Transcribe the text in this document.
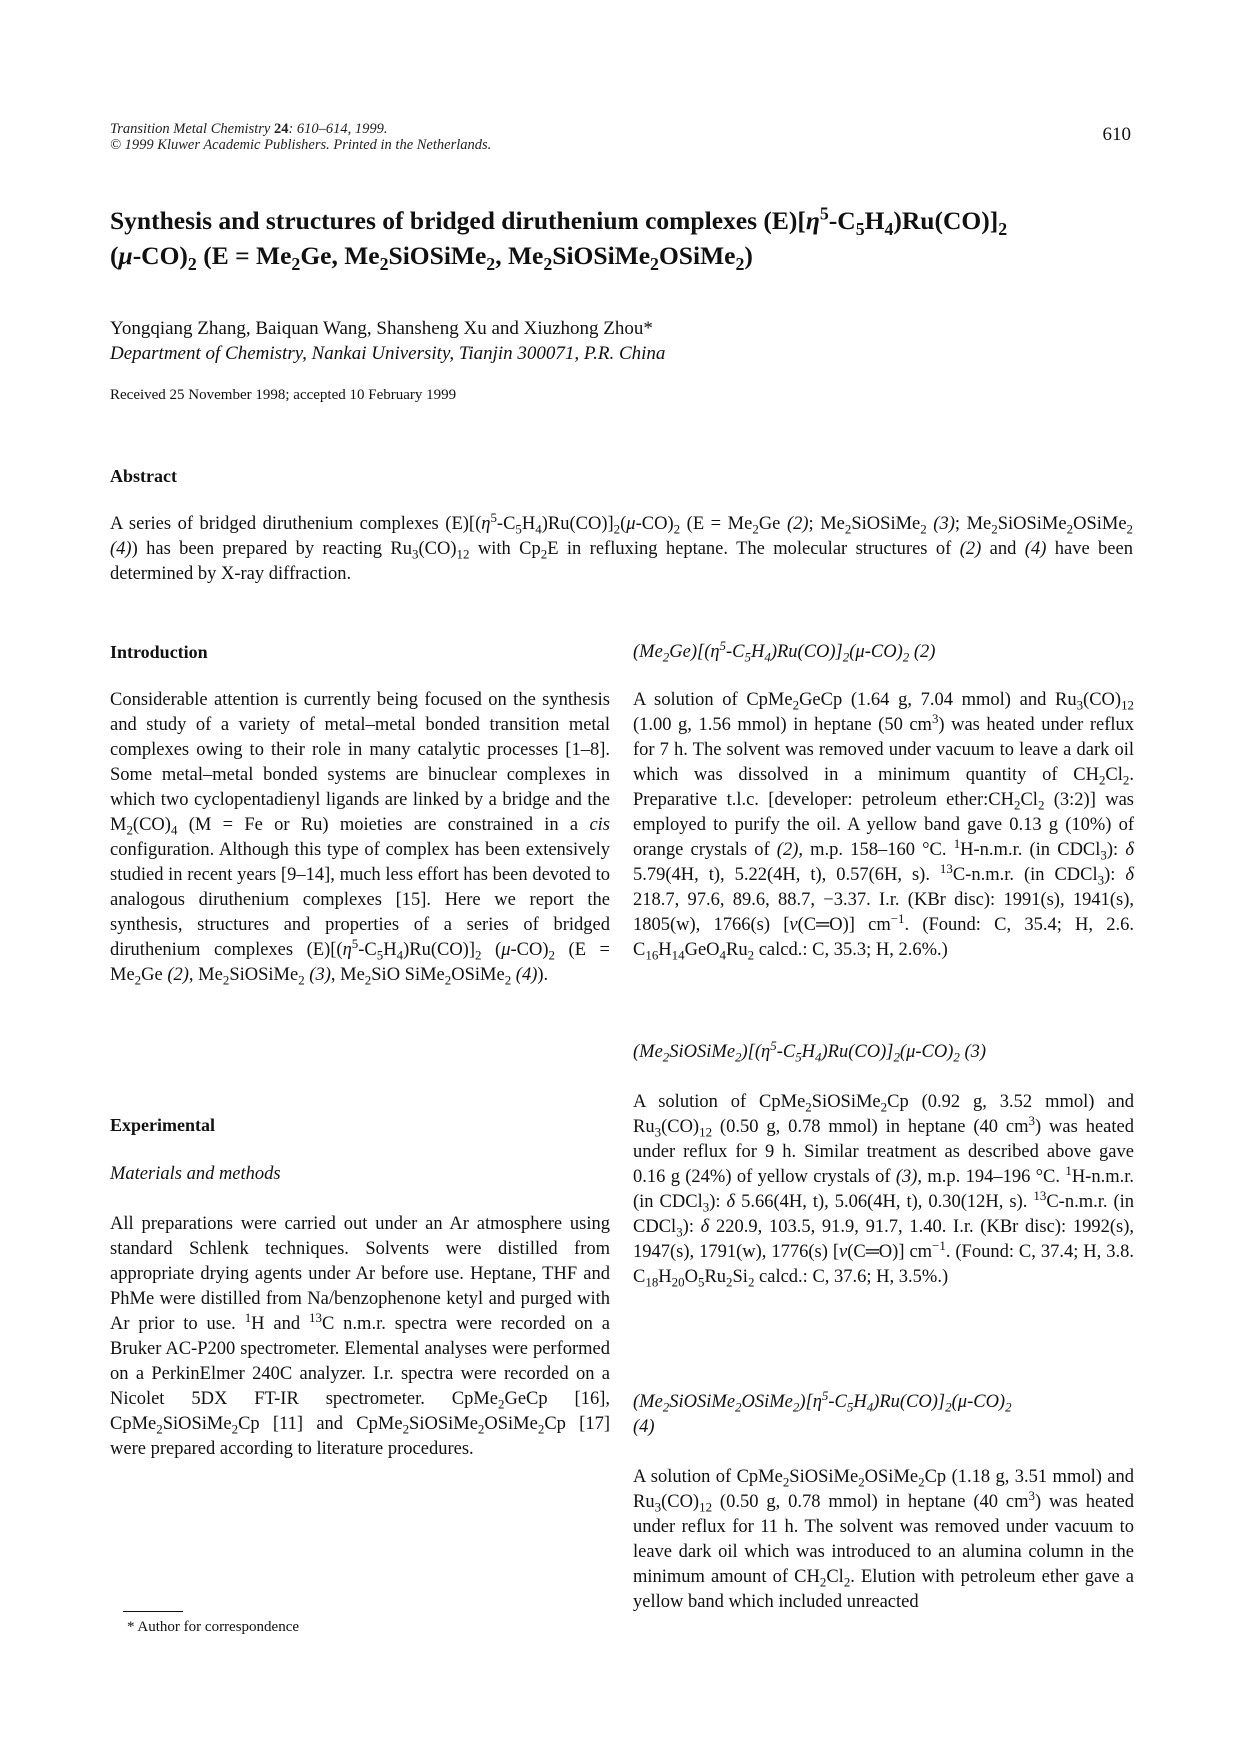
Transition Metal Chemistry 24: 610–614, 1999.
© 1999 Kluwer Academic Publishers. Printed in the Netherlands.	610
Synthesis and structures of bridged diruthenium complexes $(E)[\eta^5-C_5H_4)Ru(CO)]_2$
$(\mu-CO)_2$ ($E = Me_2Ge$, $Me_2SiOSiMe_2$, $Me_2SiOSiMe_2OSiMe_2$)
Yongqiang Zhang, Baiquan Wang, Shansheng Xu and Xiuzhong Zhou*
Department of Chemistry, Nankai University, Tianjin 300071, P.R. China
Received 25 November 1998; accepted 10 February 1999
Abstract

A series of bridged diruthenium complexes $(E)[(\eta^5-C_5H_4)Ru(CO)]_2(\mu-CO)_2$ ($E = Me_2Ge$ (2); $Me_2SiOSiMe_2$ (3); $Me_2SiOSiMe_2OSiMe_2$ (4)) has been prepared by reacting $Ru_3(CO)_{12}$ with $Cp_2E$ in refluxing heptane. The molecular structures of (2) and (4) have been determined by X-ray diffraction.

Introduction

Considerable attention is currently being focused on the synthesis and study of a variety of metal–metal bonded transition metal complexes owing to their role in many catalytic processes [1–8]. Some metal–metal bonded systems are binuclear complexes in which two cyclopentadienyl ligands are linked by a bridge and the $M_2(CO)_4$ (M = Fe or Ru) moieties are constrained in a cis configuration. Although this type of complex has been extensively studied in recent years [9–14], much less effort has been devoted to analogous diruthenium complexes [15]. Here we report the synthesis, structures and properties of a series of bridged diruthenium complexes $(E)[(\eta^5-C_5H_4)Ru(CO)]_2$ $(\mu-CO)_2$ ($E = Me_2Ge$ (2), $Me_2SiOSiMe_2$ (3), $Me_2SiO$ SiMe$_2$OSiMe$_2$ (4)).

Experimental
Materials and methods

All preparations were carried out under an Ar atmosphere using standard Schlenk techniques. Solvents were distilled from appropriate drying agents under Ar before use. Heptane, THF and PhMe were distilled from Na/benzophenone ketyl and purged with Ar prior to use. $^1$H and $^{13}$C n.m.r. spectra were recorded on a Bruker AC-P200 spectrometer. Elemental analyses were performed on a PerkinElmer 240C analyzer. I.r. spectra were recorded on a Nicolet 5DX FT-IR spectrometer. CpMe$_2$GeCp [16], CpMe$_2$SiOSiMe$_2$Cp [11] and CpMe$_2$SiOSiMe$_2$OSiMe$_2$Cp [17] were prepared according to literature procedures.

* Author for correspondence
$(Me_2Ge)[(\eta^5-C_5H_4)Ru(CO)]_2(\mu-CO)_2$ (2)

A solution of CpMe$_2$GeCp (1.64 g, 7.04 mmol) and $Ru_3(CO)_{12}$ (1.00 g, 1.56 mmol) in heptane (50 $cm^3$) was heated under reflux for 7 h. The solvent was removed under vacuum to leave a dark oil which was dissolved in a minimum quantity of $CH_2Cl_2$. Preparative t.l.c. [developer: petroleum $ether:CH_2Cl_2$ (3:2)] was employed to purify the oil. A yellow band gave 0.13 g (10%) of orange crystals of (2), m.p. 158–160 °C. $^1$H-n.m.r. (in CDCl$_3$): δ 5.79(4H, t), 5.22(4H, t), 0.57(6H, s). $^{13}$C-n.m.r. (in CDCl$_3$): δ 218.7, 97.6, 89.6, 88.7, −3.37. I.r. (KBr disc): 1991(s), 1941(s), 1805(w), 1766(s) [ν(C═O)] $cm^{-1}$. (Found: C, 35.4; H, 2.6. $C_{16}H_{14}GeO_4Ru_2$ calcd.: C, 35.3; H, 2.6%.)

$(Me_2SiOSiMe_2)[(\eta^5-C_5H_4)Ru(CO)]_2(\mu-CO)_2$ (3)

A solution of CpMe$_2$SiOSiMe$_2$Cp (0.92 g, 3.52 mmol) and $Ru_3(CO)_{12}$ (0.50 g, 0.78 mmol) in heptane (40 $cm^3$) was heated under reflux for 9 h. Similar treatment as described above gave 0.16 g (24%) of yellow crystals of (3), m.p. 194–196 °C. $^1$H-n.m.r. (in CDCl$_3$): δ 5.66(4H, t), 5.06(4H, t), 0.30(12H, s). $^{13}$C-n.m.r. (in CDCl$_3$): δ 220.9, 103.5, 91.9, 91.7, 1.40. I.r. (KBr disc): 1992(s), 1947(s), 1791(w), 1776(s) [ν(C═O)] $cm^{-1}$. (Found: C, 37.4; H, 3.8. $C_{18}H_{20}O_5Ru_2Si_2$ calcd.: C, 37.6; H, 3.5%.)

$(Me_2SiOSiMe_2OSiMe_2)[\eta^5-C_5H_4)Ru(CO)]_2(\mu-CO)_2$
(4)

A solution of CpMe$_2$SiOSiMe$_2$OSiMe$_2$Cp (1.18 g, 3.51 mmol) and $Ru_3(CO)_{12}$ (0.50 g, 0.78 mmol) in heptane (40 $cm^3$) was heated under reflux for 11 h. The solvent was removed under vacuum to leave dark oil which was introduced to an alumina column in the minimum amount of $CH_2Cl_2$. Elution with petroleum ether gave a yellow band which included unreacted
